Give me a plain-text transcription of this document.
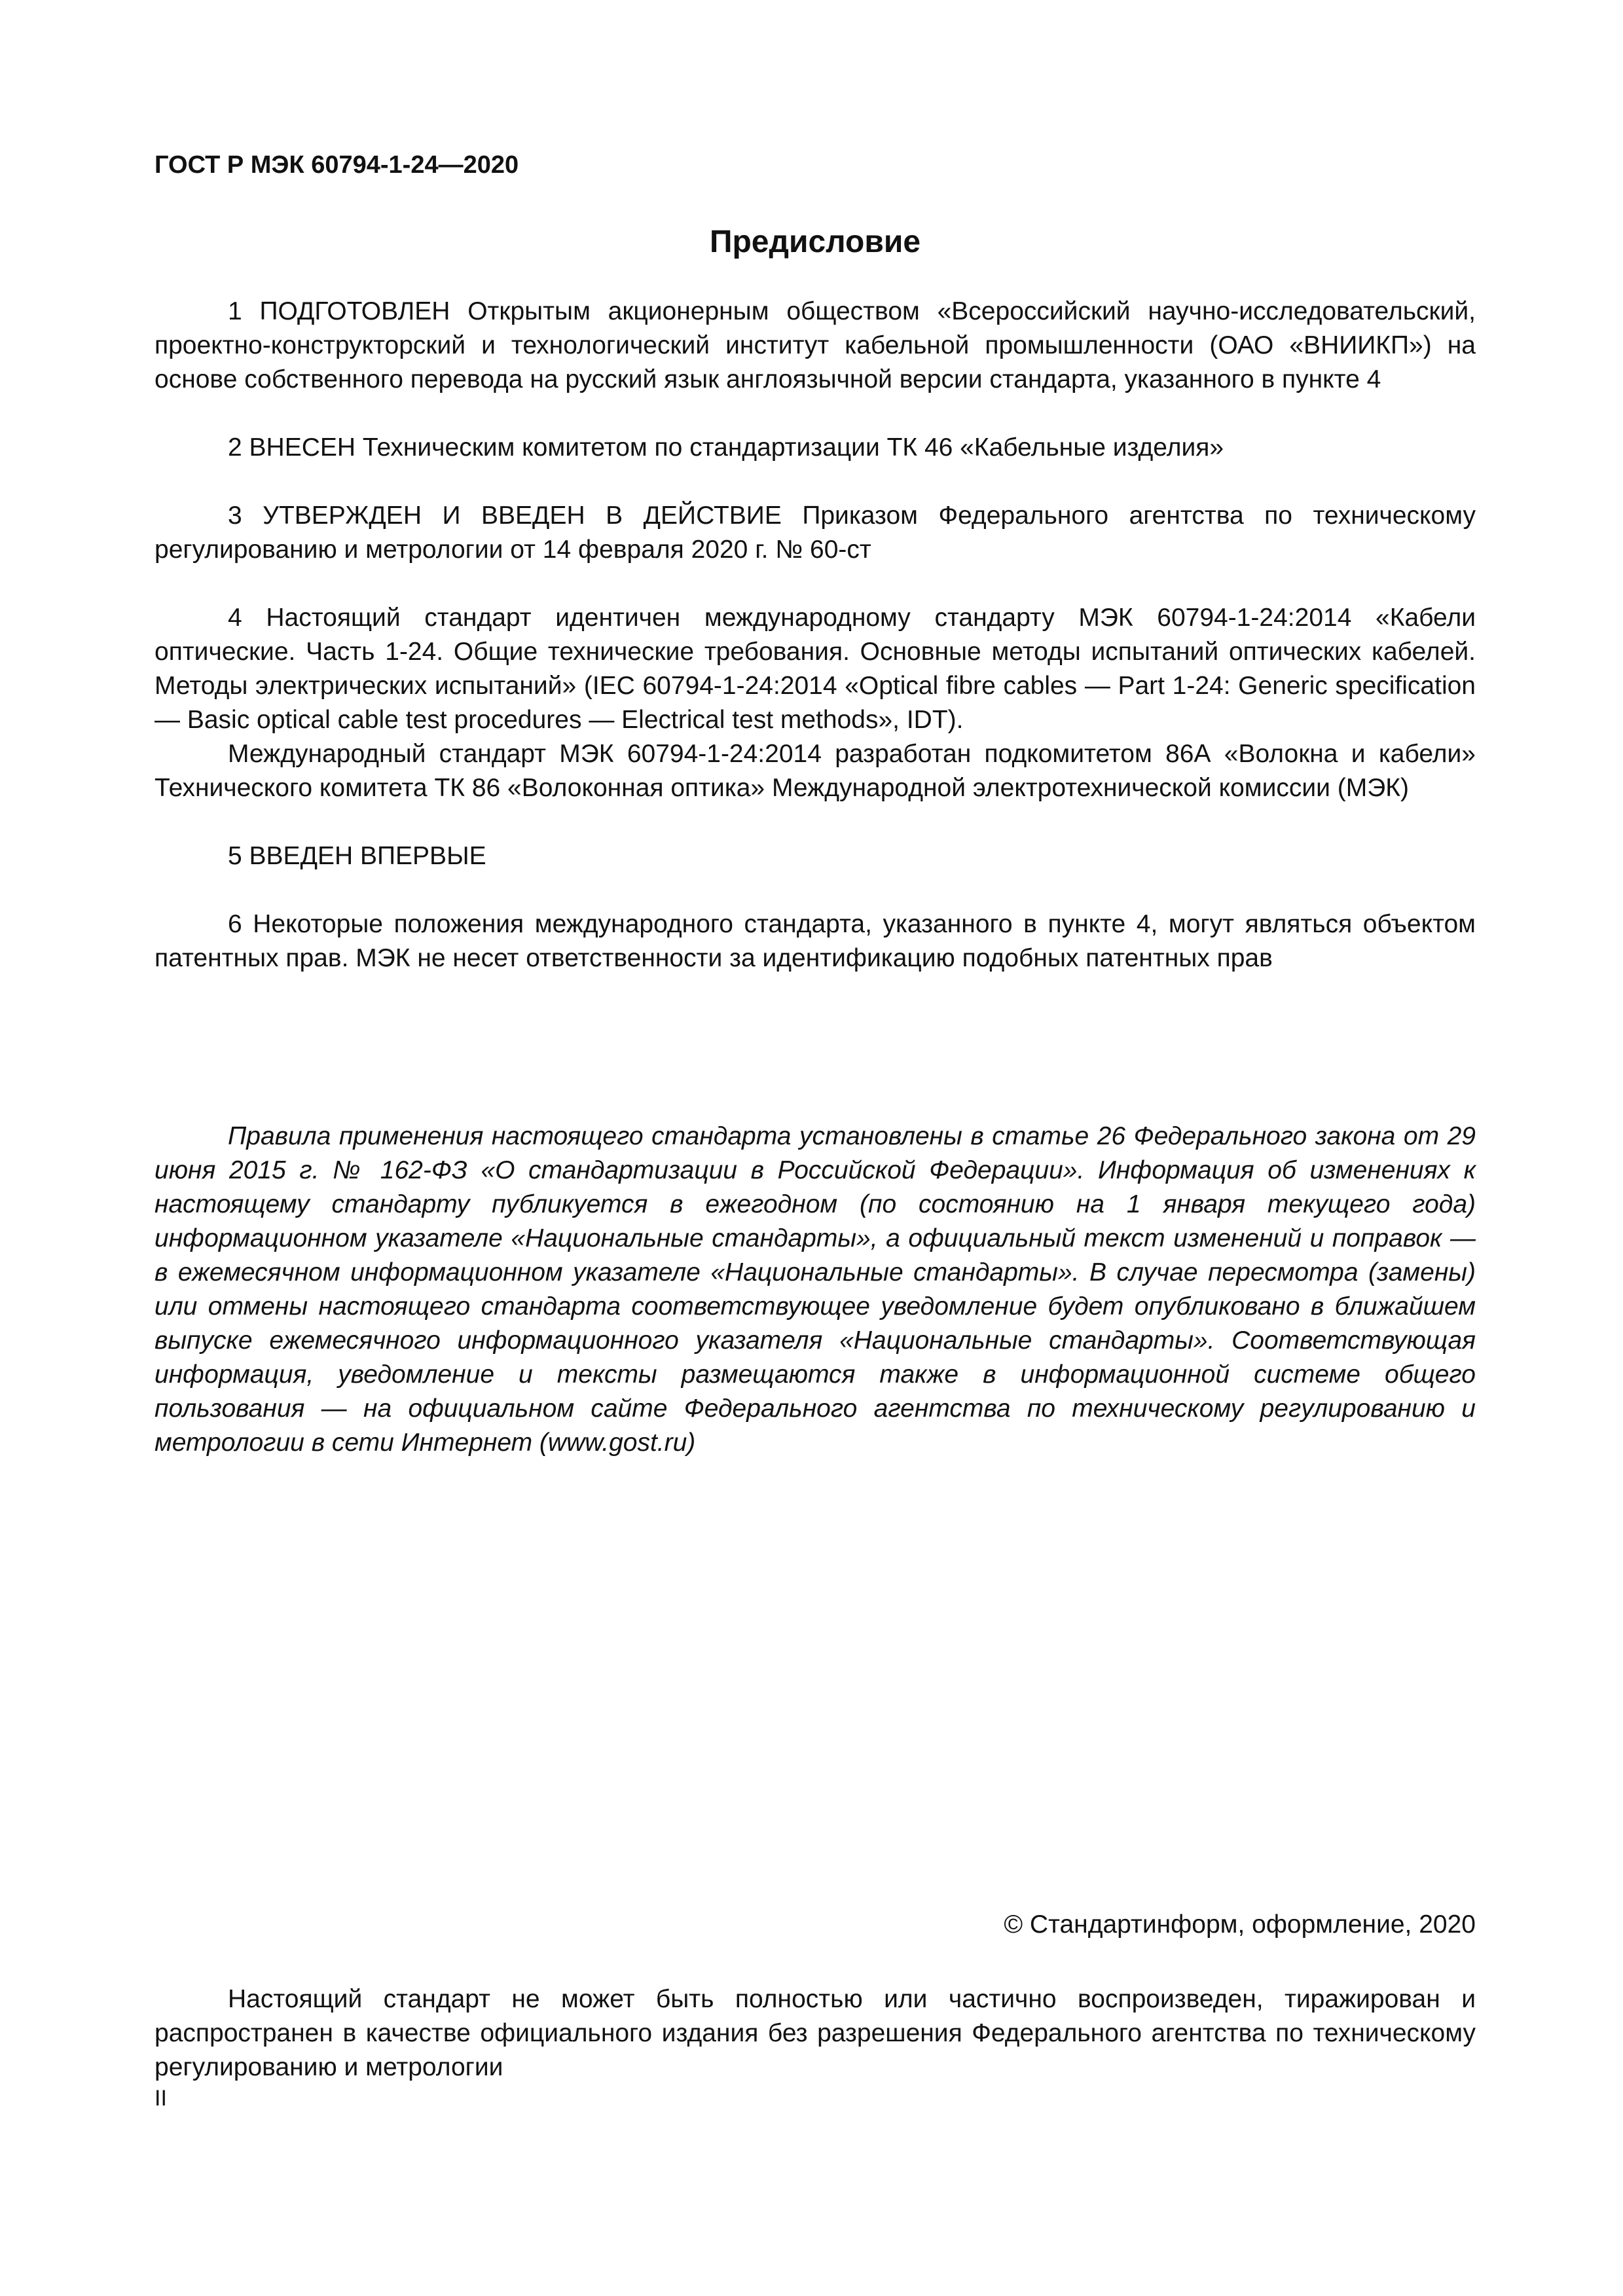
ГОСТ Р МЭК 60794-1-24—2020
Предисловие

1 ПОДГОТОВЛЕН Открытым акционерным обществом «Всероссийский научно-исследовательский, проектно-конструкторский и технологический институт кабельной промышленности (ОАО «ВНИИКП») на основе собственного перевода на русский язык англоязычной версии стандарта, указанного в пункте 4

2 ВНЕСЕН Техническим комитетом по стандартизации ТК 46 «Кабельные изделия»

3 УТВЕРЖДЕН И ВВЕДЕН В ДЕЙСТВИЕ Приказом Федерального агентства по техническому регулированию и метрологии от 14 февраля 2020 г. № 60-ст

4 Настоящий стандарт идентичен международному стандарту МЭК 60794-1-24:2014 «Кабели оптические. Часть 1-24. Общие технические требования. Основные методы испытаний оптических кабелей. Методы электрических испытаний» (IEC 60794-1-24:2014 «Optical fibre cables — Part 1-24: Generic specification — Basic optical cable test procedures — Electrical test methods», IDT).

Международный стандарт МЭК 60794-1-24:2014 разработан подкомитетом 86А «Волокна и кабели» Технического комитета ТК 86 «Волоконная оптика» Международной электротехнической комиссии (МЭК)

5 ВВЕДЕН ВПЕРВЫЕ

6 Некоторые положения международного стандарта, указанного в пункте 4, могут являться объектом патентных прав. МЭК не несет ответственности за идентификацию подобных патентных прав

Правила применения настоящего стандарта установлены в статье 26 Федерального закона от 29 июня 2015 г. № 162-ФЗ «О стандартизации в Российской Федерации». Информация об изменениях к настоящему стандарту публикуется в ежегодном (по состоянию на 1 января текущего года) информационном указателе «Национальные стандарты», а официальный текст изменений и поправок — в ежемесячном информационном указателе «Национальные стандарты». В случае пересмотра (замены) или отмены настоящего стандарта соответствующее уведомление будет опубликовано в ближайшем выпуске ежемесячного информационного указателя «Национальные стандарты». Соответствующая информация, уведомление и тексты размещаются также в информационной системе общего пользования — на официальном сайте Федерального агентства по техническому регулированию и метрологии в сети Интернет (www.gost.ru)

© Стандартинформ, оформление, 2020

Настоящий стандарт не может быть полностью или частично воспроизведен, тиражирован и распространен в качестве официального издания без разрешения Федерального агентства по техническому регулированию и метрологии

II
